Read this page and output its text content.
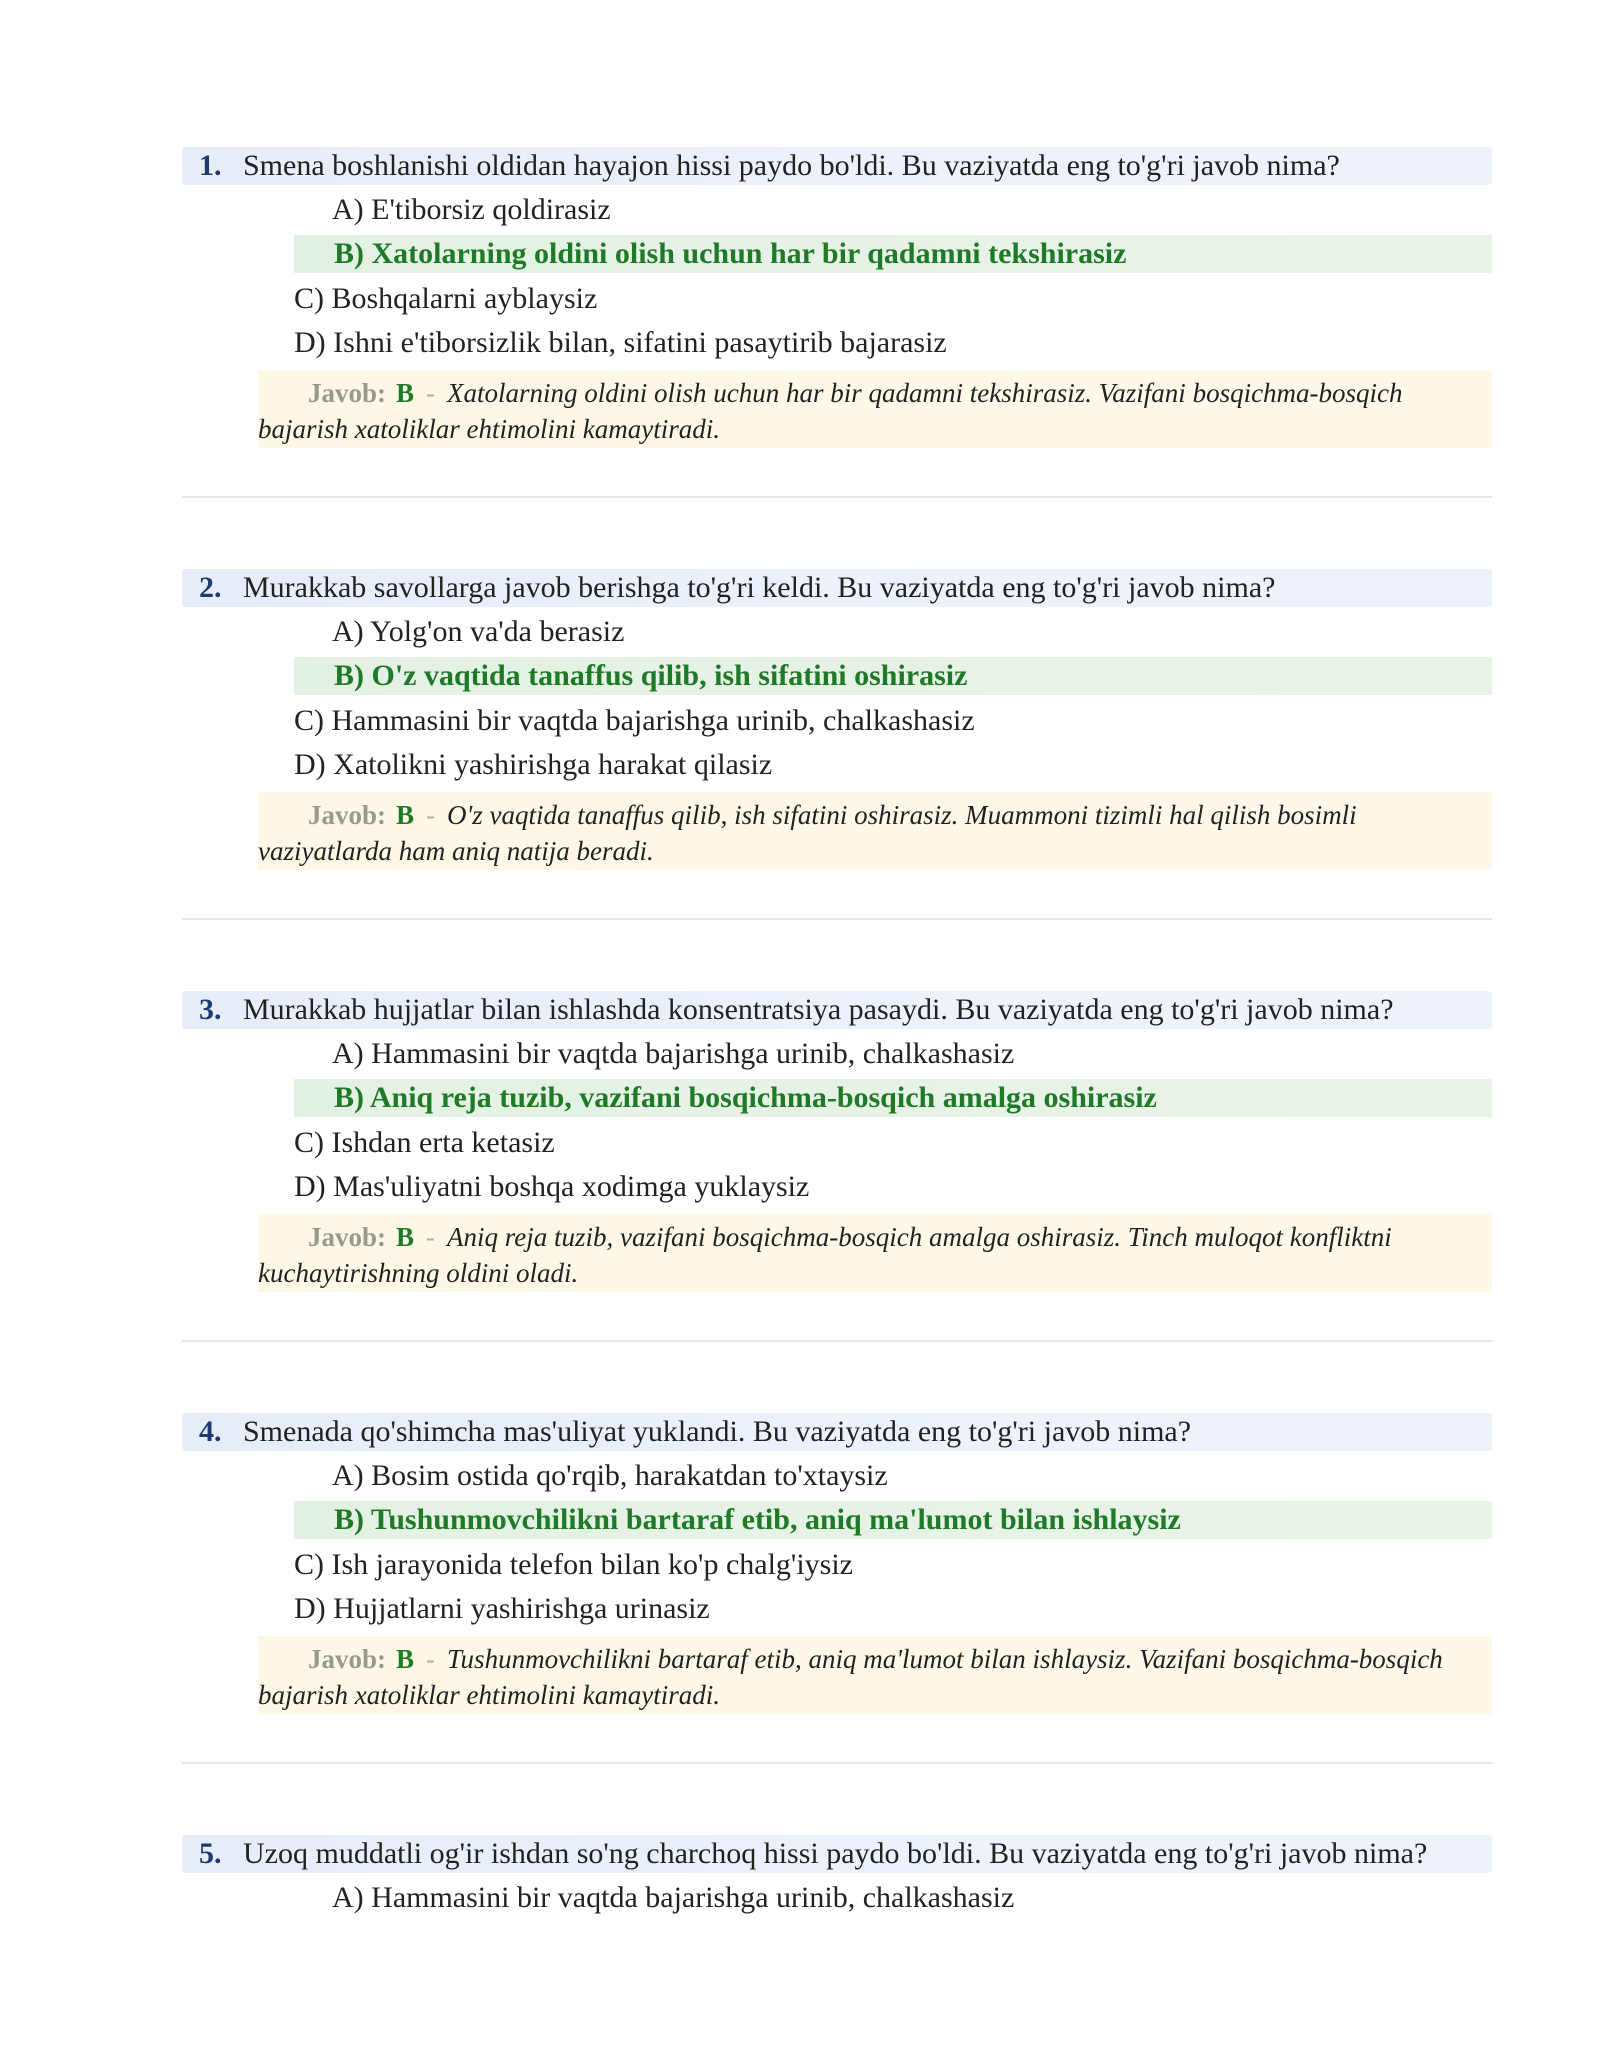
1. Smena boshlanishi oldidan hayajon hissi paydo bo'ldi. Bu vaziyatda eng to'g'ri javob nima?
A) E'tiborsiz qoldirasiz
B) Xatolarning oldini olish uchun har bir qadamni tekshirasiz
C) Boshqalarni ayblaysiz
D) Ishni e'tiborsizlik bilan, sifatini pasaytirib bajarasiz
Javob: B - Xatolarning oldini olish uchun har bir qadamni tekshirasiz. Vazifani bosqichma-bosqich bajarish xatoliklar ehtimolini kamaytiradi.
2. Murakkab savollarga javob berishga to'g'ri keldi. Bu vaziyatda eng to'g'ri javob nima?
A) Yolg'on va'da berasiz
B) O'z vaqtida tanaffus qilib, ish sifatini oshirasiz
C) Hammasini bir vaqtda bajarishga urinib, chalkashasiz
D) Xatolikni yashirishga harakat qilasiz
Javob: B - O'z vaqtida tanaffus qilib, ish sifatini oshirasiz. Muammoni tizimli hal qilish bosimli vaziyatlarda ham aniq natija beradi.
3. Murakkab hujjatlar bilan ishlashda konsentratsiya pasaydi. Bu vaziyatda eng to'g'ri javob nima?
A) Hammasini bir vaqtda bajarishga urinib, chalkashasiz
B) Aniq reja tuzib, vazifani bosqichma-bosqich amalga oshirasiz
C) Ishdan erta ketasiz
D) Mas'uliyatni boshqa xodimga yuklaysiz
Javob: B - Aniq reja tuzib, vazifani bosqichma-bosqich amalga oshirasiz. Tinch muloqot konfliktni kuchaytirishning oldini oladi.
4. Smenada qo'shimcha mas'uliyat yuklandi. Bu vaziyatda eng to'g'ri javob nima?
A) Bosim ostida qo'rqib, harakatdan to'xtaysiz
B) Tushunmovchilikni bartaraf etib, aniq ma'lumot bilan ishlaysiz
C) Ish jarayonida telefon bilan ko'p chalg'iysiz
D) Hujjatlarni yashirishga urinasiz
Javob: B - Tushunmovchilikni bartaraf etib, aniq ma'lumot bilan ishlaysiz. Vazifani bosqichma-bosqich bajarish xatoliklar ehtimolini kamaytiradi.
5. Uzoq muddatli og'ir ishdan so'ng charchoq hissi paydo bo'ldi. Bu vaziyatda eng to'g'ri javob nima?
A) Hammasini bir vaqtda bajarishga urinib, chalkashasiz
